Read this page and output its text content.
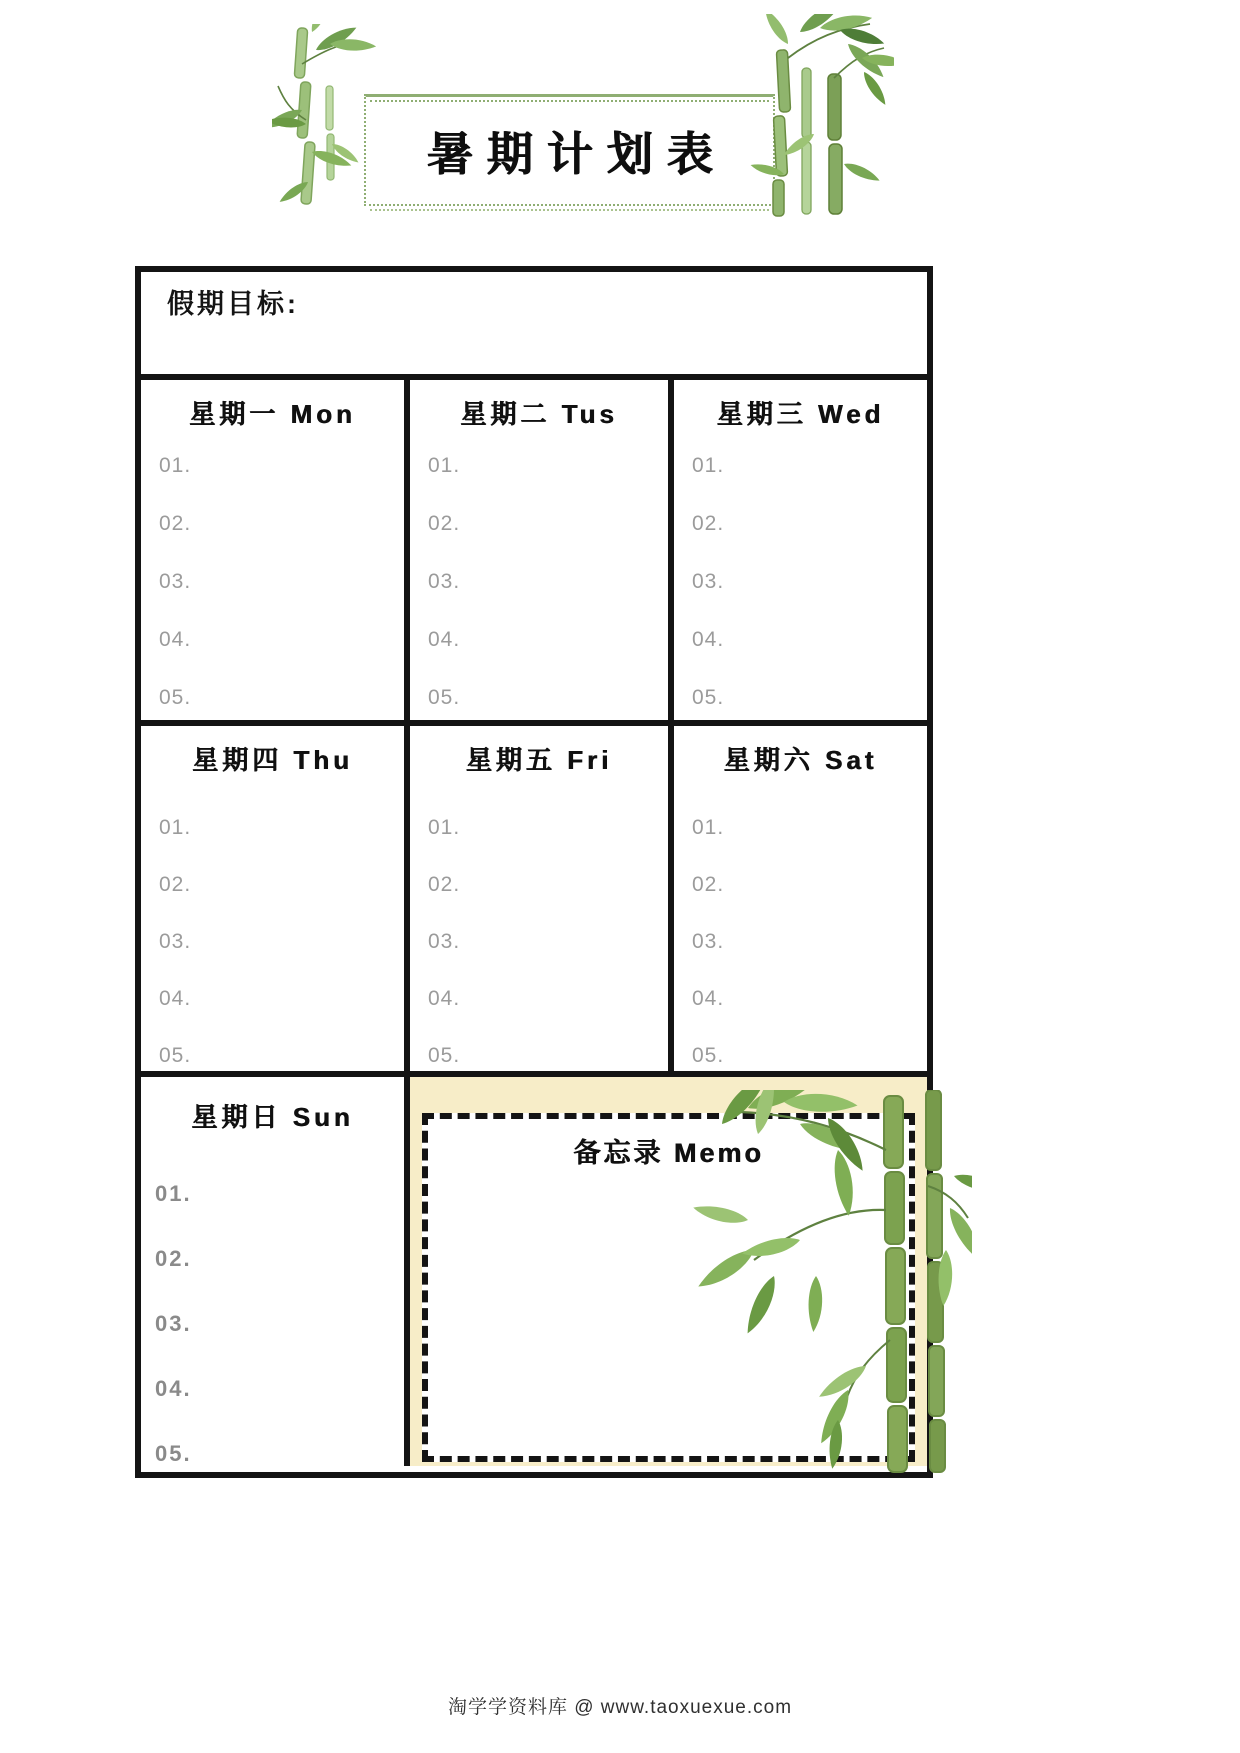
暑期计划表
假期目标:
星期一 Mon
01.
02.
03.
04.
05.
星期二 Tus
01.
02.
03.
04.
05.
星期三 Wed
01.
02.
03.
04.
05.
星期四 Thu
01.
02.
03.
04.
05.
星期五 Fri
01.
02.
03.
04.
05.
星期六 Sat
01.
02.
03.
04.
05.
星期日 Sun
01.
02.
03.
04.
05.
备忘录 Memo
淘学学资料库 @ www.taoxuexue.com
